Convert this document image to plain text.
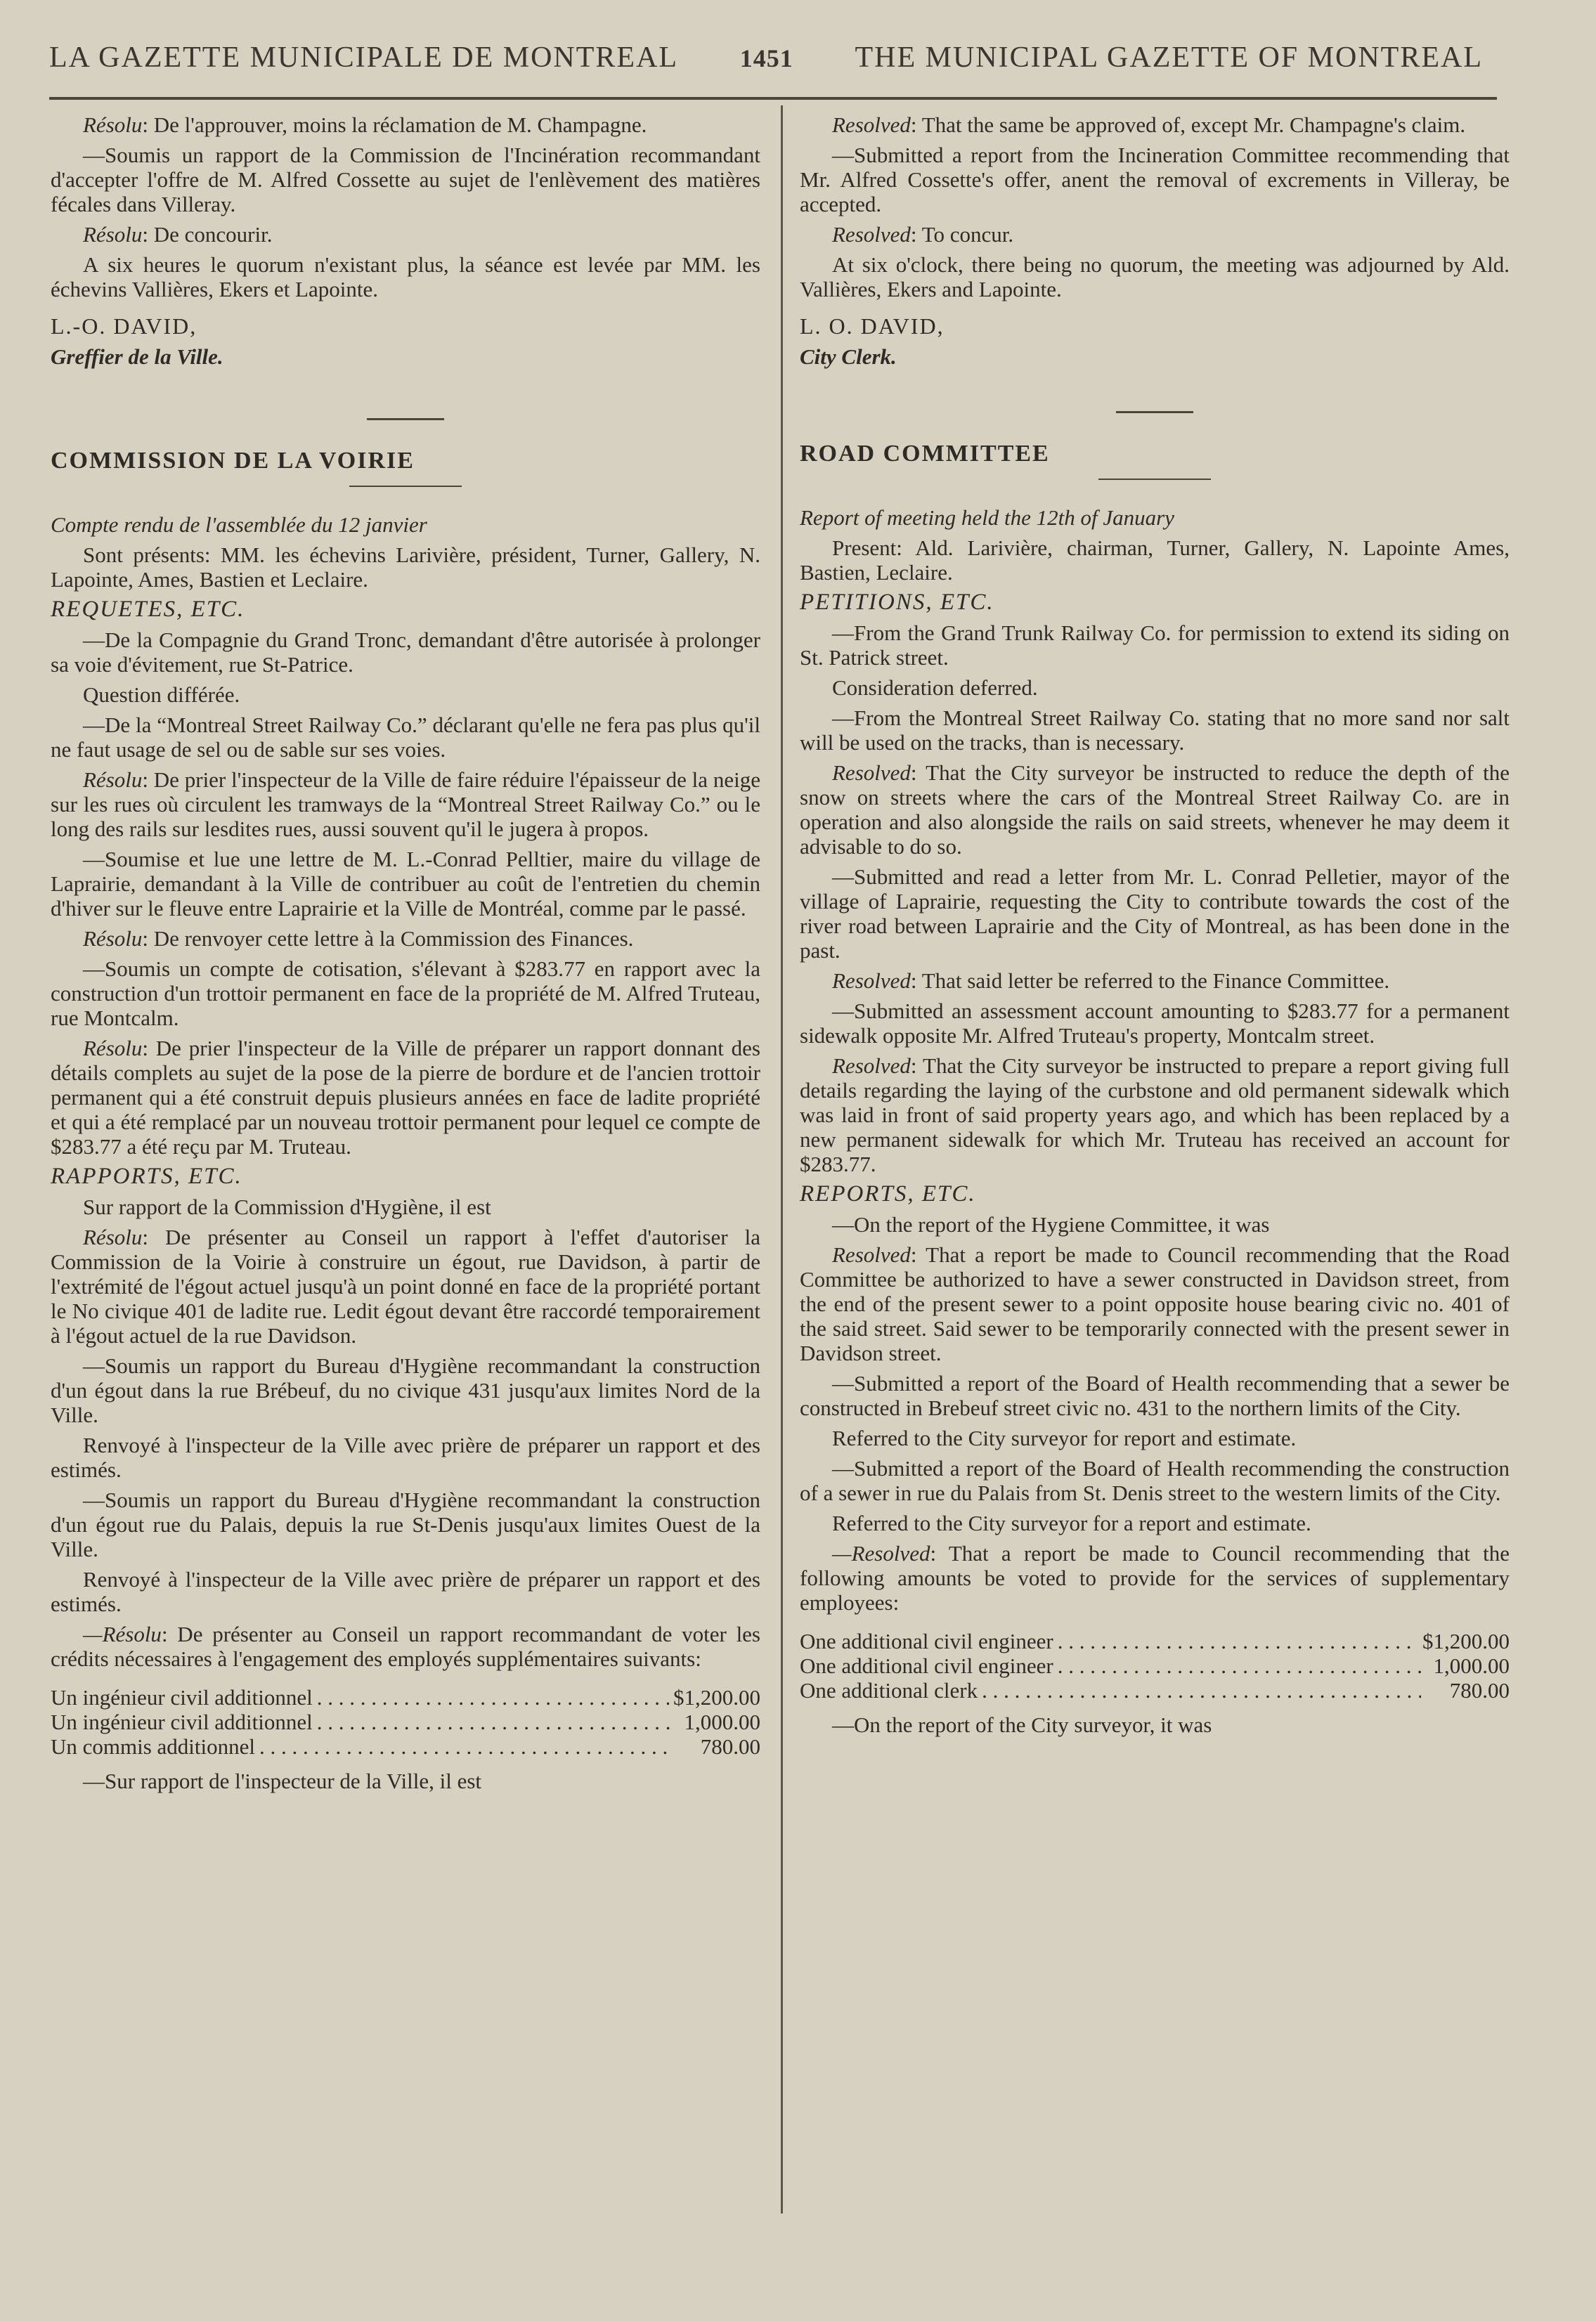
LA GAZETTE MUNICIPALE DE MONTREAL 1451 THE MUNICIPAL GAZETTE OF MONTREAL

Résolu: De l'approuver, moins la réclamation de M. Champagne.

—Soumis un rapport de la Commission de l'Incinération recommandant d'accepter l'offre de M. Alfred Cossette au sujet de l'enlèvement des matières fécales dans Villeray.

Résolu: De concourir.

A six heures le quorum n'existant plus, la séance est levée par MM. les échevins Vallières, Ekers et Lapointe.

L.-O. DAVID,

Greffier de la Ville.

COMMISSION DE LA VOIRIE

Compte rendu de l'assemblée du 12 janvier

Sont présents: MM. les échevins Larivière, président, Turner, Gallery, N. Lapointe, Ames, Bastien et Leclaire.

REQUETES, ETC.

—De la Compagnie du Grand Tronc, demandant d'être autorisée à prolonger sa voie d'évitement, rue St-Patrice.

Question différée.

—De la “Montreal Street Railway Co.” déclarant qu'elle ne fera pas plus qu'il ne faut usage de sel ou de sable sur ses voies.

Résolu: De prier l'inspecteur de la Ville de faire réduire l'épaisseur de la neige sur les rues où circulent les tramways de la “Montreal Street Railway Co.” ou le long des rails sur lesdites rues, aussi souvent qu'il le jugera à propos.

—Soumise et lue une lettre de M. L.-Conrad Pelltier, maire du village de Laprairie, demandant à la Ville de contribuer au coût de l'entretien du chemin d'hiver sur le fleuve entre Laprairie et la Ville de Montréal, comme par le passé.

Résolu: De renvoyer cette lettre à la Commission des Finances.

—Soumis un compte de cotisation, s'élevant à $283.77 en rapport avec la construction d'un trottoir permanent en face de la propriété de M. Alfred Truteau, rue Montcalm.

Résolu: De prier l'inspecteur de la Ville de préparer un rapport donnant des détails complets au sujet de la pose de la pierre de bordure et de l'ancien trottoir permanent qui a été construit depuis plusieurs années en face de ladite propriété et qui a été remplacé par un nouveau trottoir permanent pour lequel ce compte de $283.77 a été reçu par M. Truteau.

RAPPORTS, ETC.

Sur rapport de la Commission d'Hygiène, il est

Résolu: De présenter au Conseil un rapport à l'effet d'autoriser la Commission de la Voirie à construire un égout, rue Davidson, à partir de l'extrémité de l'égout actuel jusqu'à un point donné en face de la propriété portant le No civique 401 de ladite rue. Ledit égout devant être raccordé temporairement à l'égout actuel de la rue Davidson.

—Soumis un rapport du Bureau d'Hygiène recommandant la construction d'un égout dans la rue Brébeuf, du no civique 431 jusqu'aux limites Nord de la Ville.

Renvoyé à l'inspecteur de la Ville avec prière de préparer un rapport et des estimés.

—Soumis un rapport du Bureau d'Hygiène recommandant la construction d'un égout rue du Palais, depuis la rue St-Denis jusqu'aux limites Ouest de la Ville.

Renvoyé à l'inspecteur de la Ville avec prière de préparer un rapport et des estimés.

—Résolu: De présenter au Conseil un rapport recommandant de voter les crédits nécessaires à l'engagement des employés supplémentaires suivants:

Un ingénieur civil additionnel . . .	$1,200.00
Un ingénieur civil additionnel . . .	1,000.00
Un commis additionnel . . .	780.00

—Sur rapport de l'inspecteur de la Ville, il est

Resolved: That the same be approved of, except Mr. Champagne's claim.

—Submitted a report from the Incineration Committee recommending that Mr. Alfred Cossette's offer, anent the removal of excrements in Villeray, be accepted.

Resolved: To concur.

At six o'clock, there being no quorum, the meeting was adjourned by Ald. Vallières, Ekers and Lapointe.

L. O. DAVID,

City Clerk.

ROAD COMMITTEE

Report of meeting held the 12th of January

Present: Ald. Larivière, chairman, Turner, Gallery, N. Lapointe Ames, Bastien, Leclaire.

PETITIONS, ETC.

—From the Grand Trunk Railway Co. for permission to extend its siding on St. Patrick street.

Consideration deferred.

—From the Montreal Street Railway Co. stating that no more sand nor salt will be used on the tracks, than is necessary.

Resolved: That the City surveyor be instructed to reduce the depth of the snow on streets where the cars of the Montreal Street Railway Co. are in operation and also alongside the rails on said streets, whenever he may deem it advisable to do so.

—Submitted and read a letter from Mr. L. Conrad Pelletier, mayor of the village of Laprairie, requesting the City to contribute towards the cost of the river road between Laprairie and the City of Montreal, as has been done in the past.

Resolved: That said letter be referred to the Finance Committee.

—Submitted an assessment account amounting to $283.77 for a permanent sidewalk opposite Mr. Alfred Truteau's property, Montcalm street.

Resolved: That the City surveyor be instructed to prepare a report giving full details regarding the laying of the curbstone and old permanent sidewalk which was laid in front of said property years ago, and which has been replaced by a new permanent sidewalk for which Mr. Truteau has received an account for $283.77.

REPORTS, ETC.

—On the report of the Hygiene Committee, it was

Resolved: That a report be made to Council recommending that the Road Committee be authorized to have a sewer constructed in Davidson street, from the end of the present sewer to a point opposite house bearing civic no. 401 of the said street. Said sewer to be temporarily connected with the present sewer in Davidson street.

—Submitted a report of the Board of Health recommending that a sewer be constructed in Brebeuf street civic no. 431 to the northern limits of the City.

Referred to the City surveyor for report and estimate.

—Submitted a report of the Board of Health recommending the construction of a sewer in rue du Palais from St. Denis street to the western limits of the City.

Referred to the City surveyor for a report and estimate.

—Resolved: That a report be made to Council recommending that the following amounts be voted to provide for the services of supplementary employees:

One additional civil engineer . . .	$1,200.00
One additional civil engineer . . .	1,000.00
One additional clerk . . .	780.00

—On the report of the City surveyor, it was
